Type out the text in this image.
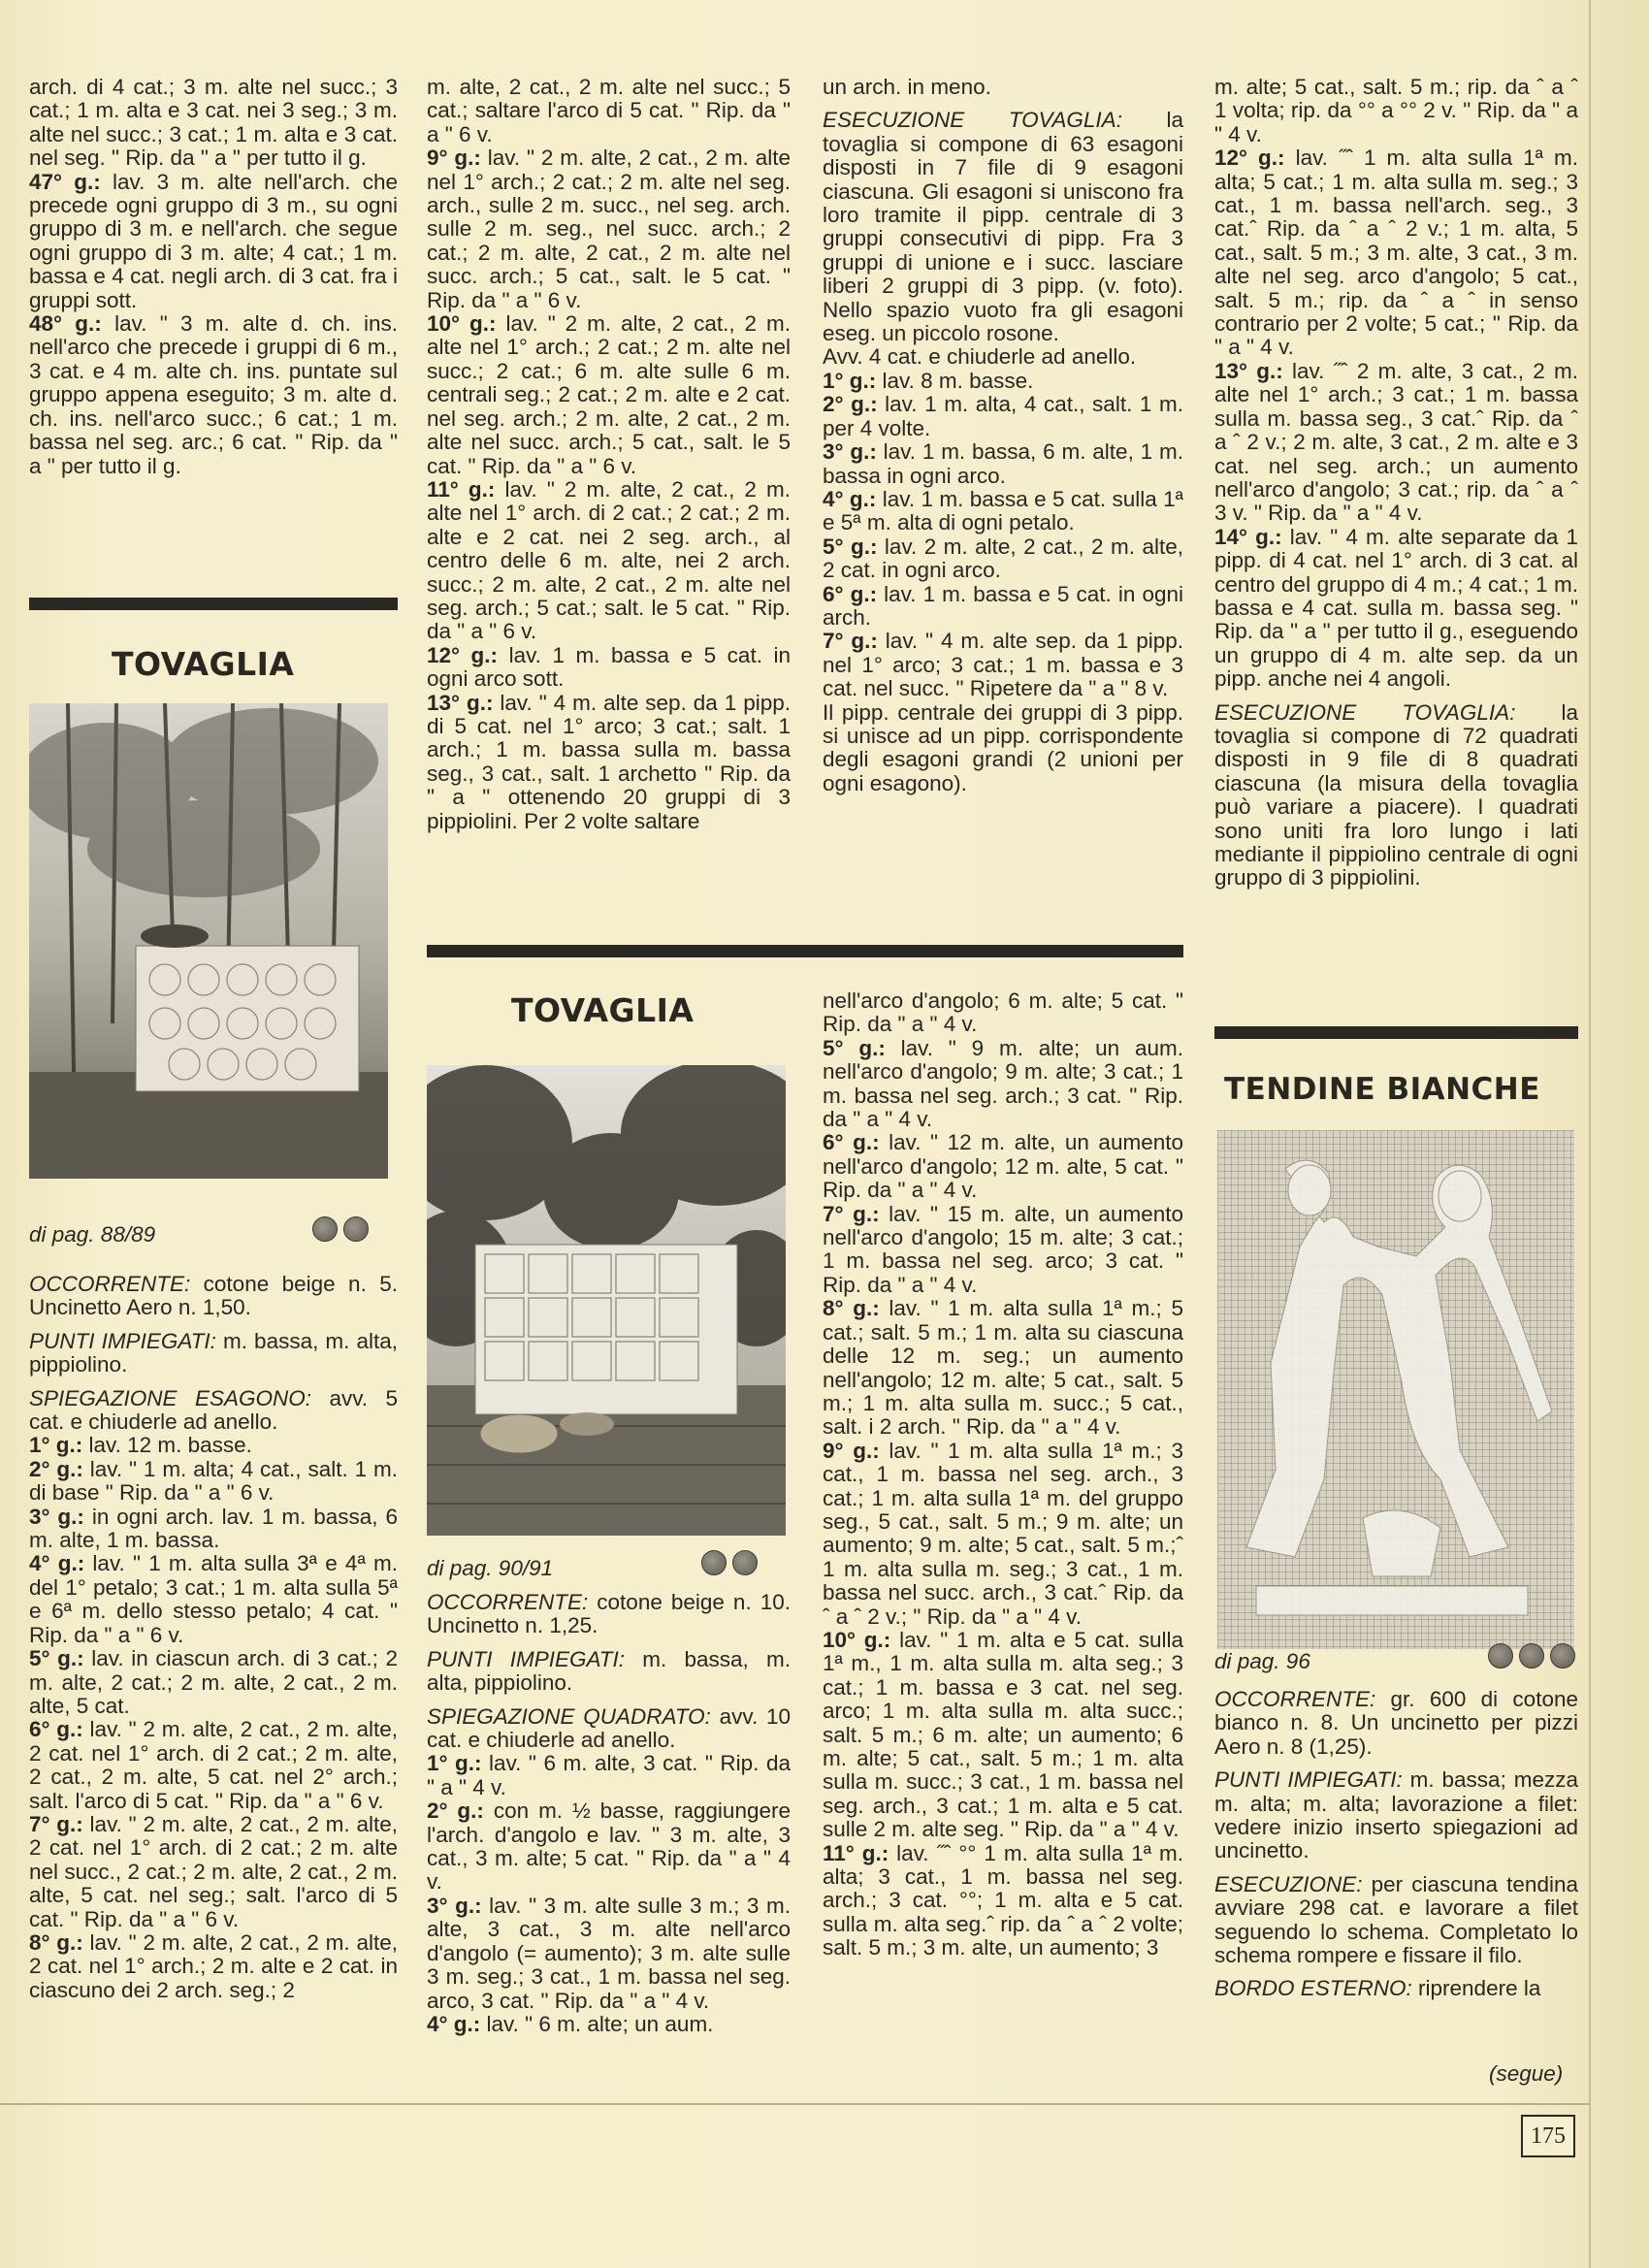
arch. di 4 cat.; 3 m. alte nel succ.; 3 cat.; 1 m. alta e 3 cat. nei 3 seg.; 3 m. alte nel succ.; 3 cat.; 1 m. alta e 3 cat. nel seg. " Rip. da " a " per tutto il g.

47° g.: lav. 3 m. alte nell'arch. che precede ogni gruppo di 3 m., su ogni gruppo di 3 m. e nell'arch. che segue ogni gruppo di 3 m. alte; 4 cat.; 1 m. bassa e 4 cat. negli arch. di 3 cat. fra i gruppi sott.

48° g.: lav. " 3 m. alte d. ch. ins. nell'arco che precede i gruppi di 6 m., 3 cat. e 4 m. alte ch. ins. puntate sul gruppo appena eseguito; 3 m. alte d. ch. ins. nell'arco succ.; 6 cat.; 1 m. bassa nel seg. arc.; 6 cat. " Rip. da " a " per tutto il g.

TOVAGLIA
di pag. 88/89

OCCORRENTE: cotone beige n. 5. Uncinetto Aero n. 1,50.

PUNTI IMPIEGATI: m. bassa, m. alta, pippiolino.

SPIEGAZIONE ESAGONO: avv. 5 cat. e chiuderle ad anello.

1° g.: lav. 12 m. basse.

2° g.: lav. " 1 m. alta; 4 cat., salt. 1 m. di base " Rip. da " a " 6 v.

3° g.: in ogni arch. lav. 1 m. bassa, 6 m. alte, 1 m. bassa.

4° g.: lav. " 1 m. alta sulla 3ª e 4ª m. del 1° petalo; 3 cat.; 1 m. alta sulla 5ª e 6ª m. dello stesso petalo; 4 cat. " Rip. da " a " 6 v.

5° g.: lav. in ciascun arch. di 3 cat.; 2 m. alte, 2 cat.; 2 m. alte, 2 cat., 2 m. alte, 5 cat.

6° g.: lav. " 2 m. alte, 2 cat., 2 m. alte, 2 cat. nel 1° arch. di 2 cat.; 2 m. alte, 2 cat., 2 m. alte, 5 cat. nel 2° arch.; salt. l'arco di 5 cat. " Rip. da " a " 6 v.

7° g.: lav. " 2 m. alte, 2 cat., 2 m. alte, 2 cat. nel 1° arch. di 2 cat.; 2 m. alte nel succ., 2 cat.; 2 m. alte, 2 cat., 2 m. alte, 5 cat. nel seg.; salt. l'arco di 5 cat. " Rip. da " a " 6 v.

8° g.: lav. " 2 m. alte, 2 cat., 2 m. alte, 2 cat. nel 1° arch.; 2 m. alte e 2 cat. in ciascuno dei 2 arch. seg.; 2

m. alte, 2 cat., 2 m. alte nel succ.; 5 cat.; saltare l'arco di 5 cat. " Rip. da " a " 6 v.

9° g.: lav. " 2 m. alte, 2 cat., 2 m. alte nel 1° arch.; 2 cat.; 2 m. alte nel seg. arch., sulle 2 m. succ., nel seg. arch. sulle 2 m. seg., nel succ. arch.; 2 cat.; 2 m. alte, 2 cat., 2 m. alte nel succ. arch.; 5 cat., salt. le 5 cat. " Rip. da " a " 6 v.

10° g.: lav. " 2 m. alte, 2 cat., 2 m. alte nel 1° arch.; 2 cat.; 2 m. alte nel succ.; 2 cat.; 6 m. alte sulle 6 m. centrali seg.; 2 cat.; 2 m. alte e 2 cat. nel seg. arch.; 2 m. alte, 2 cat., 2 m. alte nel succ. arch.; 5 cat., salt. le 5 cat. " Rip. da " a " 6 v.

11° g.: lav. " 2 m. alte, 2 cat., 2 m. alte nel 1° arch. di 2 cat.; 2 cat.; 2 m. alte e 2 cat. nei 2 seg. arch., al centro delle 6 m. alte, nei 2 arch. succ.; 2 m. alte, 2 cat., 2 m. alte nel seg. arch.; 5 cat.; salt. le 5 cat. " Rip. da " a " 6 v.

12° g.: lav. 1 m. bassa e 5 cat. in ogni arco sott.

13° g.: lav. " 4 m. alte sep. da 1 pipp. di 5 cat. nel 1° arco; 3 cat.; salt. 1 arch.; 1 m. bassa sulla m. bassa seg., 3 cat., salt. 1 archetto " Rip. da " a " ottenendo 20 gruppi di 3 pippiolini. Per 2 volte saltare

TOVAGLIA
di pag. 90/91

OCCORRENTE: cotone beige n. 10. Uncinetto n. 1,25.

PUNTI IMPIEGATI: m. bassa, m. alta, pippiolino.

SPIEGAZIONE QUADRATO: avv. 10 cat. e chiuderle ad anello.

1° g.: lav. " 6 m. alte, 3 cat. " Rip. da " a " 4 v.

2° g.: con m. ½ basse, raggiungere l'arch. d'angolo e lav. " 3 m. alte, 3 cat., 3 m. alte; 5 cat. " Rip. da " a " 4 v.

3° g.: lav. " 3 m. alte sulle 3 m.; 3 m. alte, 3 cat., 3 m. alte nell'arco d'angolo (= aumento); 3 m. alte sulle 3 m. seg.; 3 cat., 1 m. bassa nel seg. arco, 3 cat. " Rip. da " a " 4 v.

4° g.: lav. " 6 m. alte; un aum.

un arch. in meno.

ESECUZIONE TOVAGLIA: la tovaglia si compone di 63 esagoni disposti in 7 file di 9 esagoni ciascuna. Gli esagoni si uniscono fra loro tramite il pipp. centrale di 3 gruppi consecutivi di pipp. Fra 3 gruppi di unione e i succ. lasciare liberi 2 gruppi di 3 pipp. (v. foto). Nello spazio vuoto fra gli esagoni eseg. un piccolo rosone.

Avv. 4 cat. e chiuderle ad anello.

1° g.: lav. 8 m. basse.

2° g.: lav. 1 m. alta, 4 cat., salt. 1 m. per 4 volte.

3° g.: lav. 1 m. bassa, 6 m. alte, 1 m. bassa in ogni arco.

4° g.: lav. 1 m. bassa e 5 cat. sulla 1ª e 5ª m. alta di ogni petalo.

5° g.: lav. 2 m. alte, 2 cat., 2 m. alte, 2 cat. in ogni arco.

6° g.: lav. 1 m. bassa e 5 cat. in ogni arch.

7° g.: lav. " 4 m. alte sep. da 1 pipp. nel 1° arco; 3 cat.; 1 m. bassa e 3 cat. nel succ. " Ripetere da " a " 8 v.

Il pipp. centrale dei gruppi di 3 pipp. si unisce ad un pipp. corrispondente degli esagoni grandi (2 unioni per ogni esagono).

nell'arco d'angolo; 6 m. alte; 5 cat. " Rip. da " a " 4 v.

5° g.: lav. " 9 m. alte; un aum. nell'arco d'angolo; 9 m. alte; 3 cat.; 1 m. bassa nel seg. arch.; 3 cat. " Rip. da " a " 4 v.

6° g.: lav. " 12 m. alte, un aumento nell'arco d'angolo; 12 m. alte, 5 cat. " Rip. da " a " 4 v.

7° g.: lav. " 15 m. alte, un aumento nell'arco d'angolo; 15 m. alte; 3 cat.; 1 m. bassa nel seg. arco; 3 cat. " Rip. da " a " 4 v.

8° g.: lav. " 1 m. alta sulla 1ª m.; 5 cat.; salt. 5 m.; 1 m. alta su ciascuna delle 12 m. seg.; un aumento nell'angolo; 12 m. alte; 5 cat., salt. 5 m.; 1 m. alta sulla m. succ.; 5 cat., salt. i 2 arch. " Rip. da " a " 4 v.

9° g.: lav. " 1 m. alta sulla 1ª m.; 3 cat., 1 m. bassa nel seg. arch., 3 cat.; 1 m. alta sulla 1ª m. del gruppo seg., 5 cat., salt. 5 m.; 9 m. alte; un aumento; 9 m. alte; 5 cat., salt. 5 m.;ˆ 1 m. alta sulla m. seg.; 3 cat., 1 m. bassa nel succ. arch., 3 cat.ˆ Rip. da ˆ a ˆ 2 v.; " Rip. da " a " 4 v.

10° g.: lav. " 1 m. alta e 5 cat. sulla 1ª m., 1 m. alta sulla m. alta seg.; 3 cat.; 1 m. bassa e 3 cat. nel seg. arco; 1 m. alta sulla m. alta succ.; salt. 5 m.; 6 m. alte; un aumento; 6 m. alte; 5 cat., salt. 5 m.; 1 m. alta sulla m. succ.; 3 cat., 1 m. bassa nel seg. arch., 3 cat.; 1 m. alta e 5 cat. sulle 2 m. alte seg. " Rip. da " a " 4 v.

11° g.: lav. ˝ˆ °° 1 m. alta sulla 1ª m. alta; 3 cat., 1 m. bassa nel seg. arch.; 3 cat. °°; 1 m. alta e 5 cat. sulla m. alta seg.ˆ rip. da ˆ a ˆ 2 volte; salt. 5 m.; 3 m. alte, un aumento; 3

m. alte; 5 cat., salt. 5 m.; rip. da ˆ a ˆ 1 volta; rip. da °° a °° 2 v. " Rip. da " a " 4 v.

12° g.: lav. ˝ˆ 1 m. alta sulla 1ª m. alta; 5 cat.; 1 m. alta sulla m. seg.; 3 cat., 1 m. bassa nell'arch. seg., 3 cat.ˆ Rip. da ˆ a ˆ 2 v.; 1 m. alta, 5 cat., salt. 5 m.; 3 m. alte, 3 cat., 3 m. alte nel seg. arco d'angolo; 5 cat., salt. 5 m.; rip. da ˆ a ˆ in senso contrario per 2 volte; 5 cat.; " Rip. da " a " 4 v.

13° g.: lav. ˝ˆ 2 m. alte, 3 cat., 2 m. alte nel 1° arch.; 3 cat.; 1 m. bassa sulla m. bassa seg., 3 cat.ˆ Rip. da ˆ a ˆ 2 v.; 2 m. alte, 3 cat., 2 m. alte e 3 cat. nel seg. arch.; un aumento nell'arco d'angolo; 3 cat.; rip. da ˆ a ˆ 3 v. " Rip. da " a " 4 v.

14° g.: lav. " 4 m. alte separate da 1 pipp. di 4 cat. nel 1° arch. di 3 cat. al centro del gruppo di 4 m.; 4 cat.; 1 m. bassa e 4 cat. sulla m. bassa seg. " Rip. da " a " per tutto il g., eseguendo un gruppo di 4 m. alte sep. da un pipp. anche nei 4 angoli.

ESECUZIONE TOVAGLIA: la tovaglia si compone di 72 quadrati disposti in 9 file di 8 quadrati ciascuna (la misura della tovaglia può variare a piacere). I quadrati sono uniti fra loro lungo i lati mediante il pippiolino centrale di ogni gruppo di 3 pippiolini.

TENDINE BIANCHE
di pag. 96

OCCORRENTE: gr. 600 di cotone bianco n. 8. Un uncinetto per pizzi Aero n. 8 (1,25).

PUNTI IMPIEGATI: m. bassa; mezza m. alta; m. alta; lavorazione a filet: vedere inizio inserto spiegazioni ad uncinetto.

ESECUZIONE: per ciascuna tendina avviare 298 cat. e lavorare a filet seguendo lo schema. Completato lo schema rompere e fissare il filo.

BORDO ESTERNO: riprendere la

(segue)
175
